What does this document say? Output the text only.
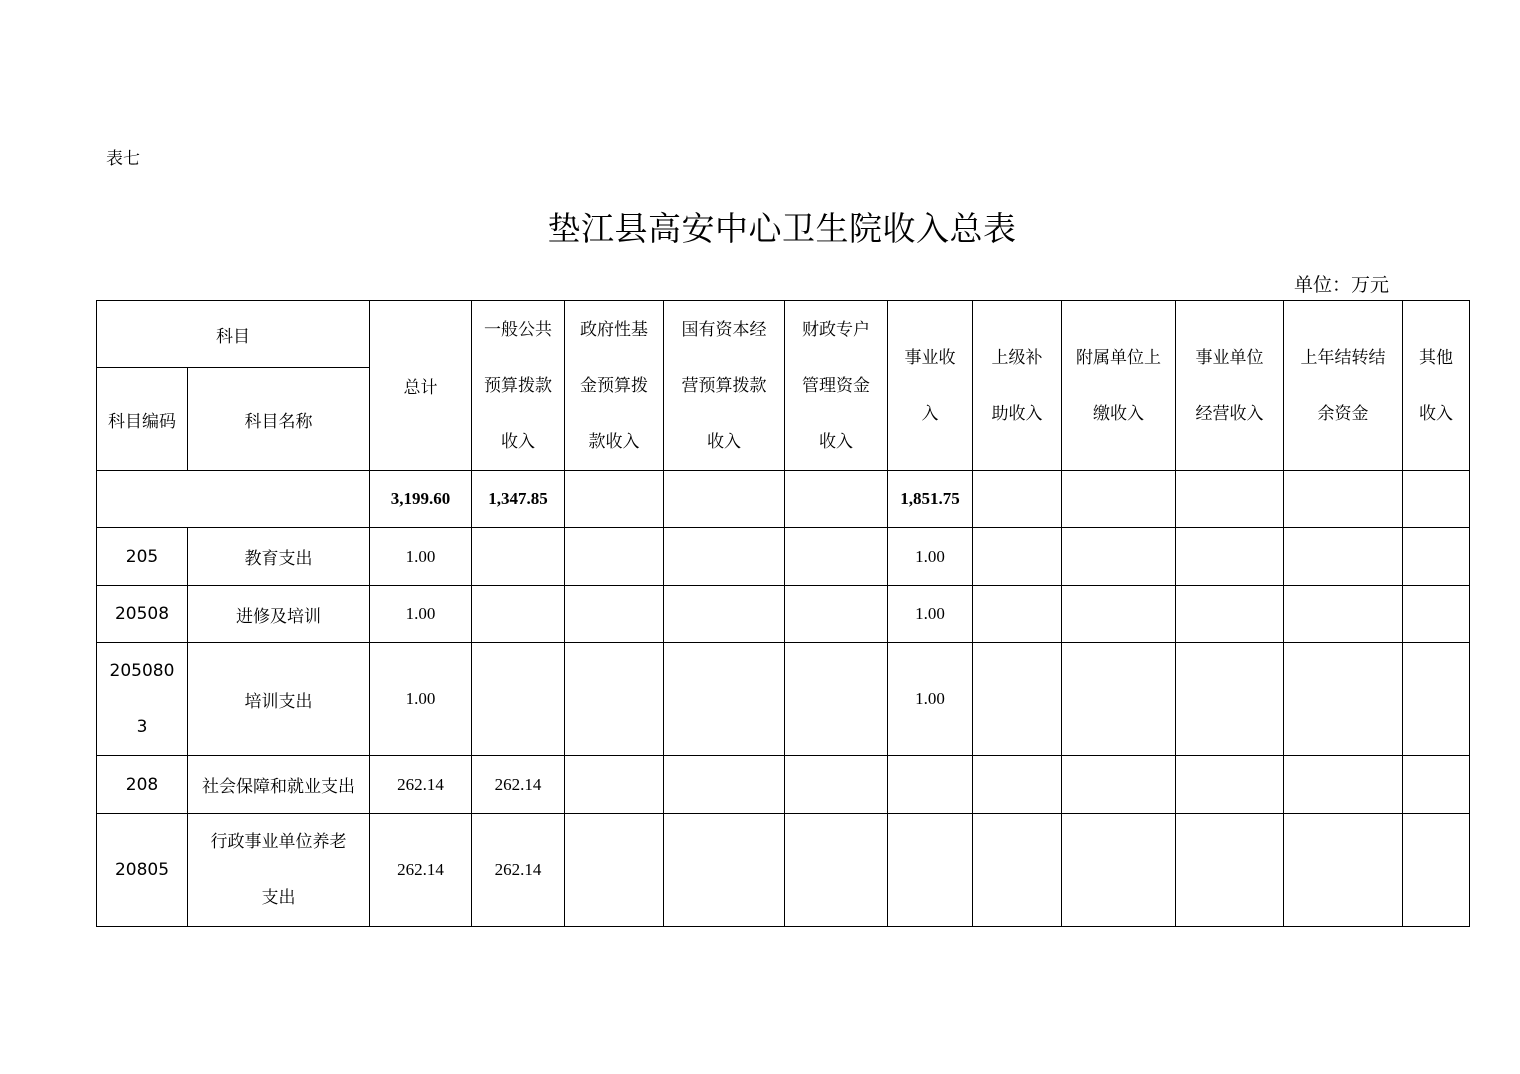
表七
垫江县高安中心卫生院收入总表
单位：万元
科目		总计	一般公共预算拨款收入	政府性基金预算拨款收入	国有资本经营预算拨款收入	财政专户管理资金收入	事业收入	上级补助收入	附属单位上缴收入	事业单位经营收入	上年结转结余资金	其他收入

科目编码	科目名称											
		3,199.60	1,347.85				1,851.75					
205	教育支出	1.00					1.00					
20508	进修及培训	1.00					1.00					

2050803	培训支出	1.00					1.00					
208	社会保障和就业支出	262.14	262.14									
20805	行政事业单位养老支出	262.14	262.14									
